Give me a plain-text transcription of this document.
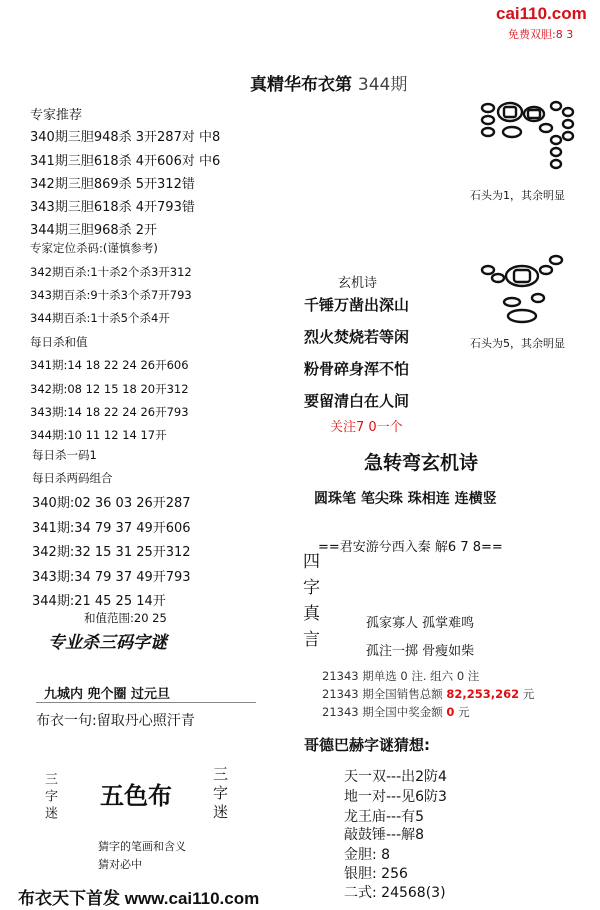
cai110.com
免费双胆:8 3
真精华布衣第 344期
专家推荐
340期三胆948杀 3开287对 中8
341期三胆618杀 4开606对 中6
342期三胆869杀 5开312错
343期三胆618杀 4开793错
344期三胆968杀 2开
专家定位杀码:(谨慎参考)
342期百杀:1十杀2个杀3开312
343期百杀:9十杀3个杀7开793
344期百杀:1十杀5个杀4开
每日杀和值
341期:14 18 22 24 26开606
342期:08 12 15 18 20开312
343期:14 18 22 24 26开793
344期:10 11 12 14 17开
每日杀一码1
每日杀两码组合
340期:02 36 03 26开287
341期:34 79 37 49开606
342期:32 15 31 25开312
343期:34 79 37 49开793
344期:21 45 25 14开
和值范围:20 25
专业杀三码字谜
九城内 兜个圈 过元旦
布衣一句:留取丹心照汗青
三字迷 五色布	三字迷
猜字的笔画和含义
猜对必中
布衣天下首发 www.cai110.com
石头为1，其余明显
石头为5，其余明显
玄机诗
千锤万凿出深山
烈火焚烧若等闲
粉骨碎身浑不怕
要留清白在人间
关注7 0一个
急转弯玄机诗
圆珠笔 笔尖珠 珠相连 连横竖
==君安游兮西入秦 解6 7 8==
四字真言	孤家寡人 孤掌难鸣
孤注一掷 骨瘦如柴
21343 期单选 0 注. 组六 0 注
21343 期全国销售总额 82,253,262 元
21343 期全国中奖金额 0 元
哥德巴赫字谜猜想:
天一双---出2防4
地一对---见6防3
龙王庙---有5
敲鼓锤---解8
金胆: 8
银胆: 256
二式: 24568(3)
